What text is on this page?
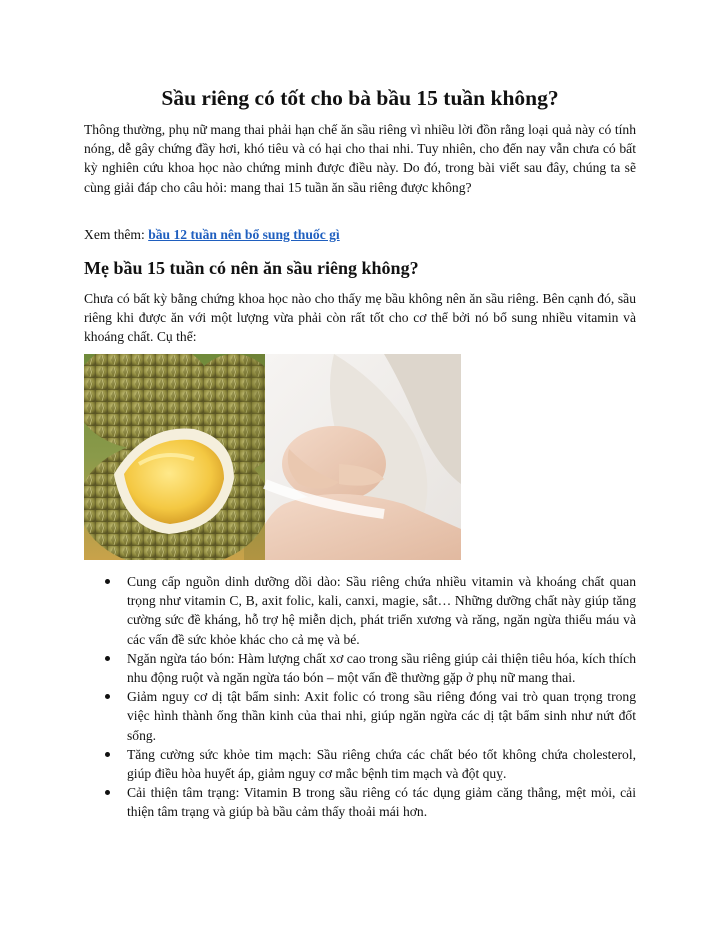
Sầu riêng có tốt cho bà bầu 15 tuần không?

Thông thường, phụ nữ mang thai phải hạn chế ăn sầu riêng vì nhiều lời đồn rằng loại quả này có tính nóng, dễ gây chứng đầy hơi, khó tiêu và có hại cho thai nhi. Tuy nhiên, cho đến nay vẫn chưa có bất kỳ nghiên cứu khoa học nào chứng minh được điều này. Do đó, trong bài viết sau đây, chúng ta sẽ cùng giải đáp cho câu hỏi: mang thai 15 tuần ăn sầu riêng được không?

Xem thêm: bầu 12 tuần nên bổ sung thuốc gì

Mẹ bầu 15 tuần có nên ăn sầu riêng không?

Chưa có bất kỳ bằng chứng khoa học nào cho thấy mẹ bầu không nên ăn sầu riêng. Bên cạnh đó, sầu riêng khi được ăn với một lượng vừa phải còn rất tốt cho cơ thể bởi nó bổ sung nhiều vitamin và khoáng chất. Cụ thể:

Cung cấp nguồn dinh dưỡng dồi dào: Sầu riêng chứa nhiều vitamin và khoáng chất quan trọng như vitamin C, B, axit folic, kali, canxi, magie, sắt… Những dưỡng chất này giúp tăng cường sức đề kháng, hỗ trợ hệ miễn dịch, phát triển xương và răng, ngăn ngừa thiếu máu và các vấn đề sức khỏe khác cho cả mẹ và bé.
Ngăn ngừa táo bón: Hàm lượng chất xơ cao trong sầu riêng giúp cải thiện tiêu hóa, kích thích nhu động ruột và ngăn ngừa táo bón – một vấn đề thường gặp ở phụ nữ mang thai.
Giảm nguy cơ dị tật bẩm sinh: Axit folic có trong sầu riêng đóng vai trò quan trọng trong việc hình thành ống thần kinh của thai nhi, giúp ngăn ngừa các dị tật bẩm sinh như nứt đốt sống.
Tăng cường sức khỏe tim mạch: Sầu riêng chứa các chất béo tốt không chứa cholesterol, giúp điều hòa huyết áp, giảm nguy cơ mắc bệnh tim mạch và đột quỵ.
Cải thiện tâm trạng: Vitamin B trong sầu riêng có tác dụng giảm căng thẳng, mệt mỏi, cải thiện tâm trạng và giúp bà bầu cảm thấy thoải mái hơn.
